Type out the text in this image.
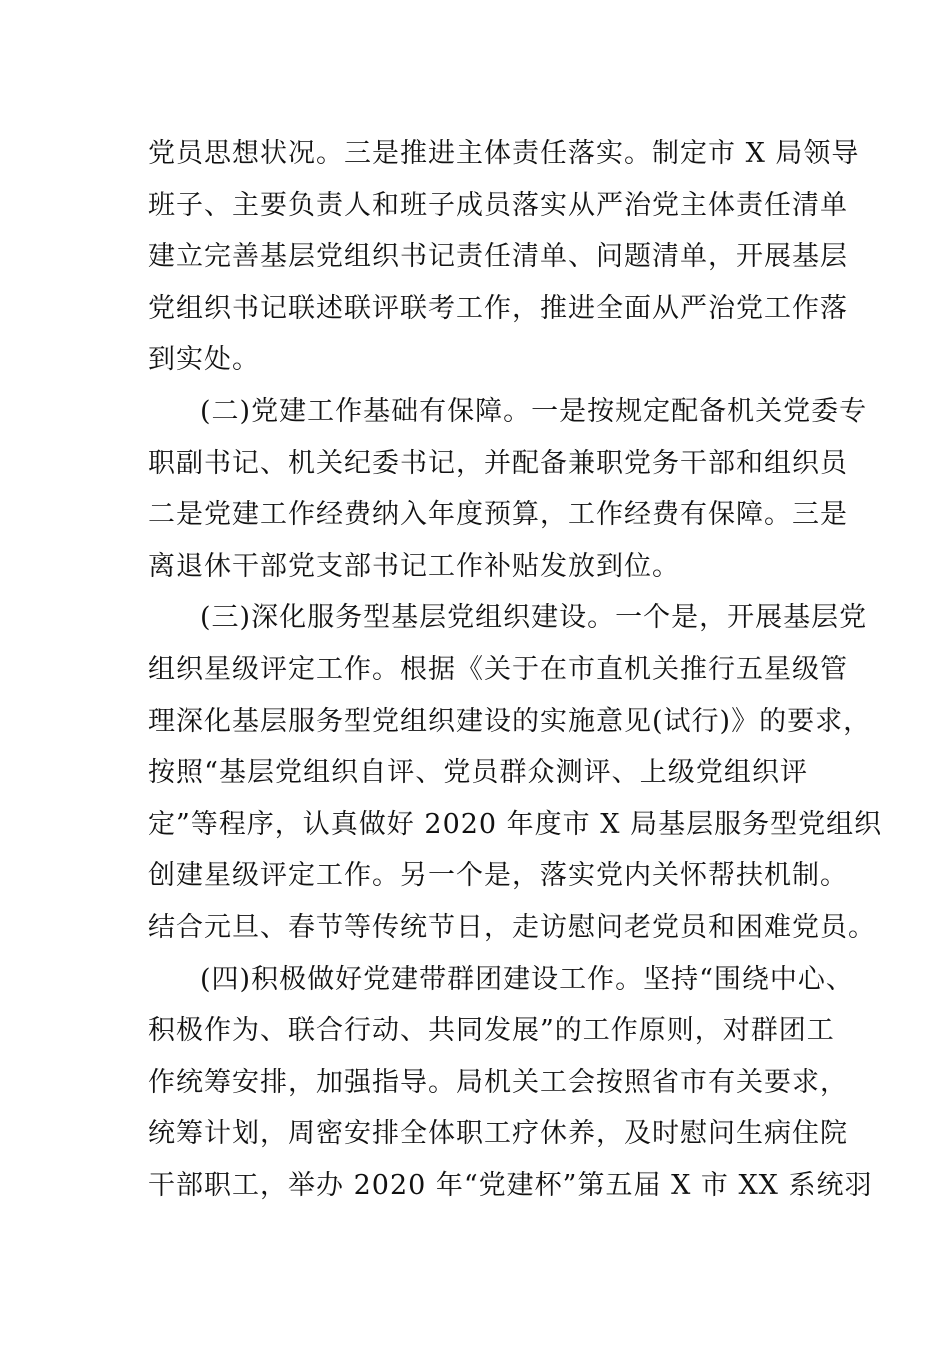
党员思想状况。三是推进主体责任落实。制定市 X 局领导
班子、主要负责人和班子成员落实从严治党主体责任清单
建立完善基层党组织书记责任清单、问题清单，开展基层
党组织书记联述联评联考工作，推进全面从严治党工作落
到实处。
(二)党建工作基础有保障。一是按规定配备机关党委专
职副书记、机关纪委书记，并配备兼职党务干部和组织员
二是党建工作经费纳入年度预算，工作经费有保障。三是
离退休干部党支部书记工作补贴发放到位。
(三)深化服务型基层党组织建设。一个是，开展基层党
组织星级评定工作。根据《关于在市直机关推行五星级管
理深化基层服务型党组织建设的实施意见(试行)》的要求，
按照“基层党组织自评、党员群众测评、上级党组织评
定”等程序，认真做好 2020 年度市 X 局基层服务型党组织
创建星级评定工作。另一个是，落实党内关怀帮扶机制。
结合元旦、春节等传统节日，走访慰问老党员和困难党员。
(四)积极做好党建带群团建设工作。坚持“围绕中心、
积极作为、联合行动、共同发展”的工作原则，对群团工
作统筹安排，加强指导。局机关工会按照省市有关要求，
统筹计划，周密安排全体职工疗休养，及时慰问生病住院
干部职工，举办 2020 年“党建杯”第五届 X 市 XX 系统羽
